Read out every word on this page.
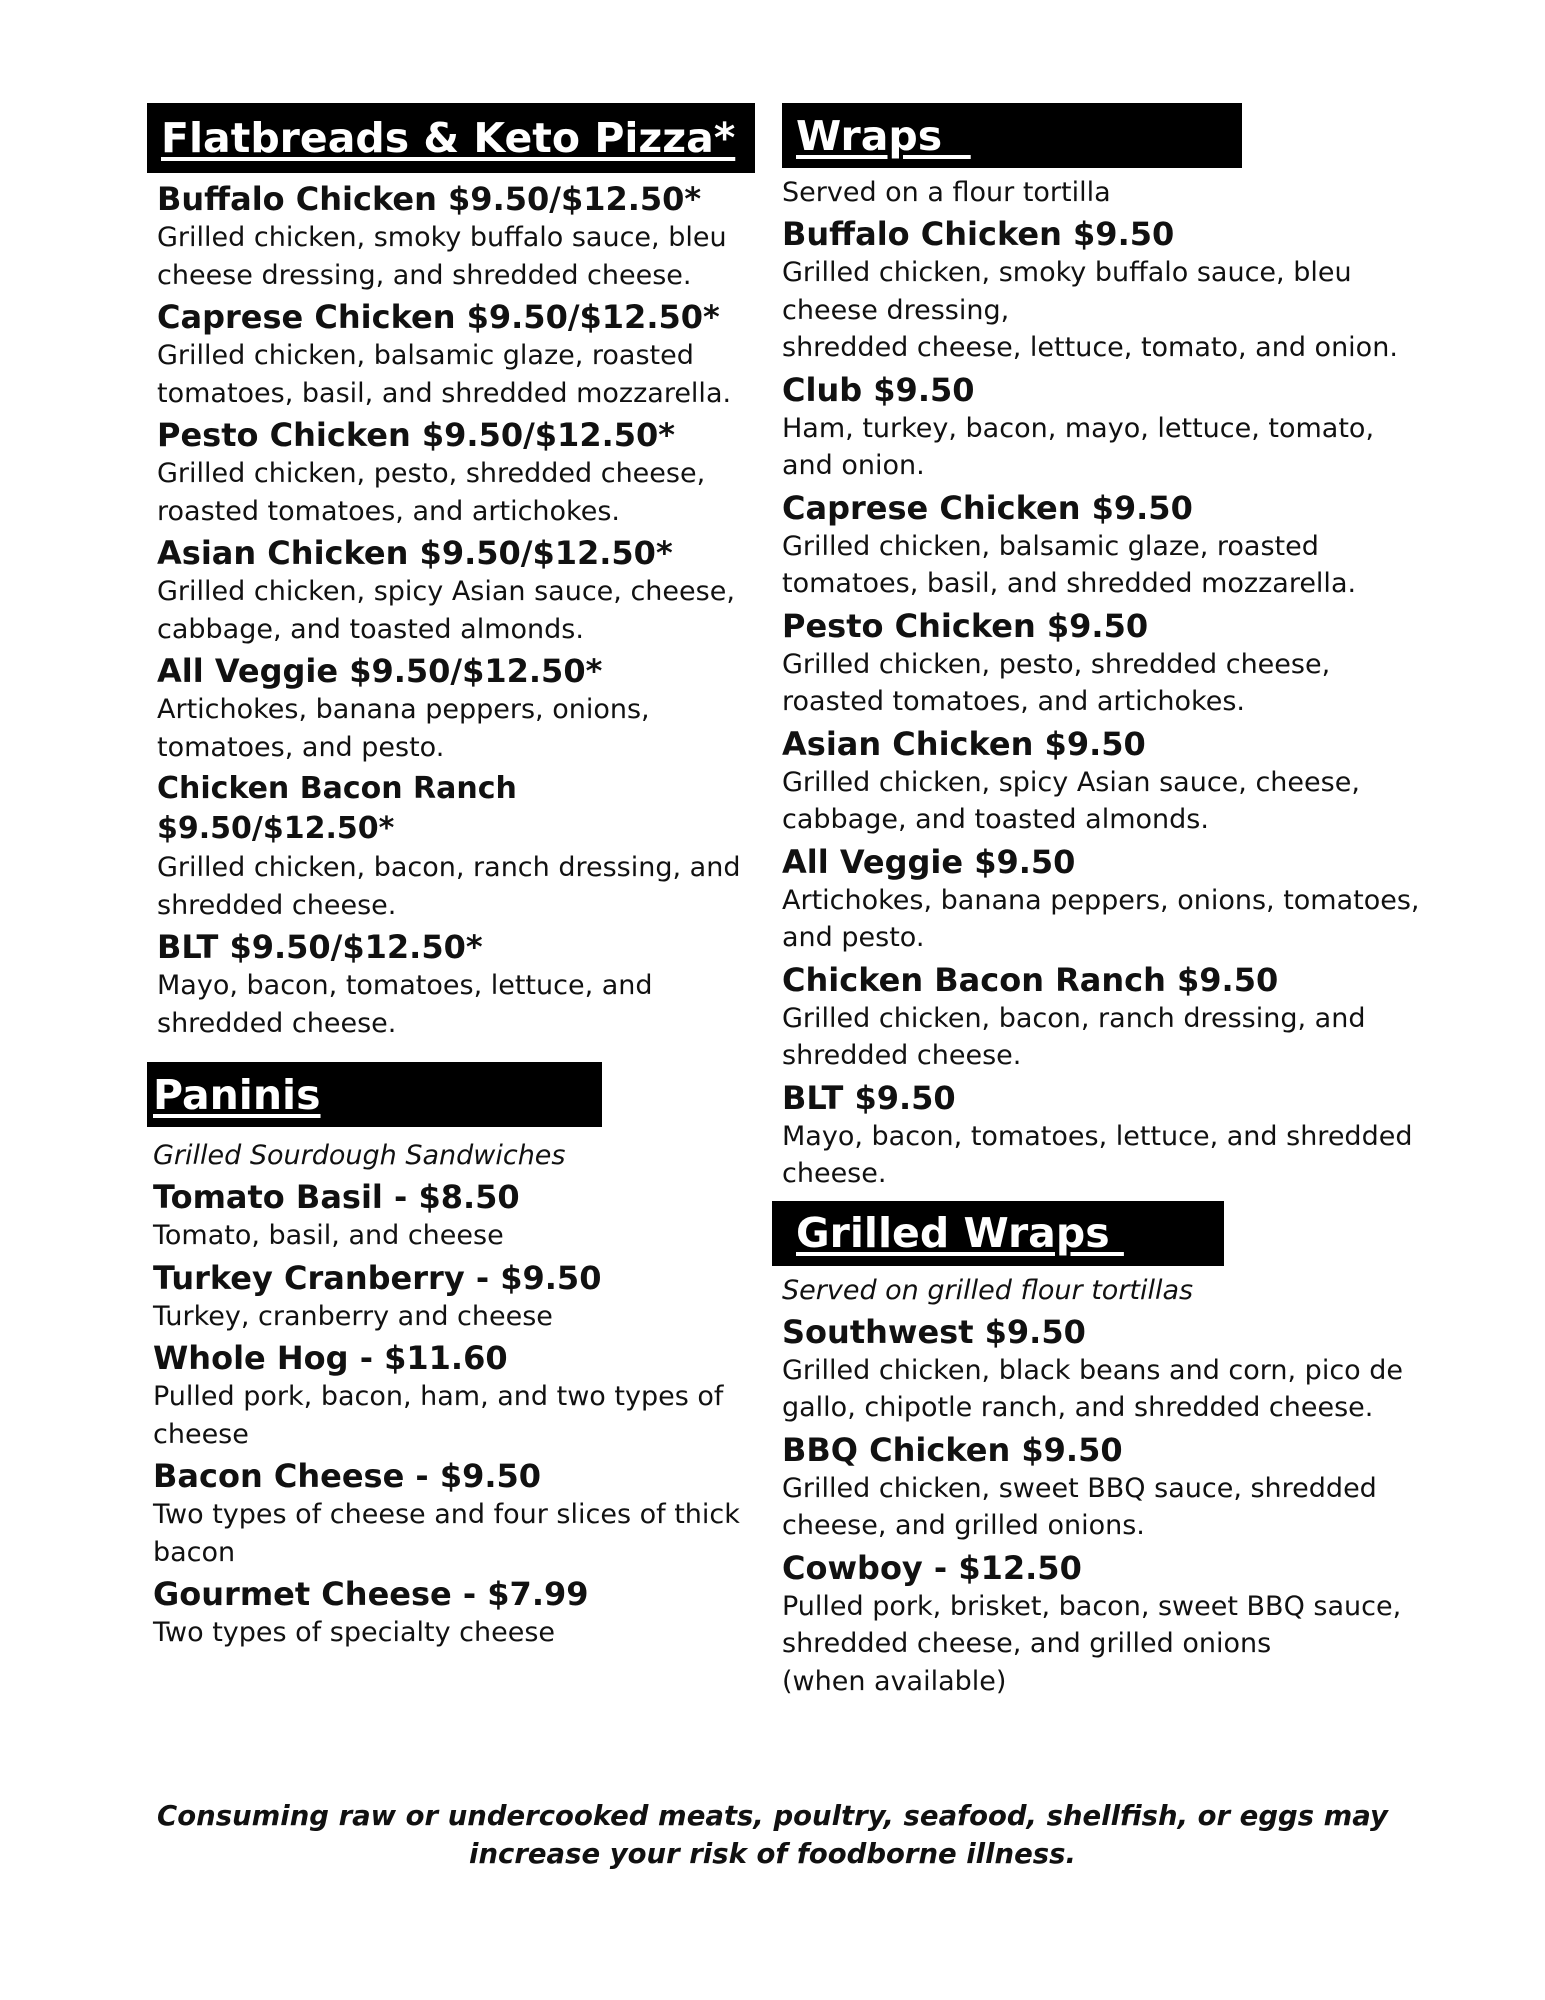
Flatbreads & Keto Pizza*
Buffalo Chicken $9.50/$12.50*
Grilled chicken, smoky buffalo sauce, bleu cheese dressing, and shredded cheese.
Caprese Chicken $9.50/$12.50*
Grilled chicken, balsamic glaze, roasted tomatoes, basil, and shredded mozzarella.
Pesto Chicken $9.50/$12.50*
Grilled chicken, pesto, shredded cheese, roasted tomatoes, and artichokes.
Asian Chicken $9.50/$12.50*
Grilled chicken, spicy Asian sauce, cheese, cabbage, and toasted almonds.
All Veggie $9.50/$12.50*
Artichokes, banana peppers, onions, tomatoes, and pesto.
Chicken Bacon Ranch $9.50/$12.50*
Grilled chicken, bacon, ranch dressing, and shredded cheese.
BLT $9.50/$12.50*
Mayo, bacon, tomatoes, lettuce, and shredded cheese.
Paninis
Grilled Sourdough Sandwiches
Tomato Basil - $8.50
Tomato, basil, and cheese
Turkey Cranberry - $9.50
Turkey, cranberry and cheese
Whole Hog - $11.60
Pulled pork, bacon, ham, and two types of cheese
Bacon Cheese - $9.50
Two types of cheese and four slices of thick bacon
Gourmet Cheese - $7.99
Two types of specialty cheese
Wraps
Served on a flour tortilla
Buffalo Chicken $9.50
Grilled chicken, smoky buffalo sauce, bleu cheese dressing,
shredded cheese, lettuce, tomato, and onion.
Club $9.50
Ham, turkey, bacon, mayo, lettuce, tomato, and onion.
Caprese Chicken $9.50
Grilled chicken, balsamic glaze, roasted tomatoes, basil, and shredded mozzarella.
Pesto Chicken $9.50
Grilled chicken, pesto, shredded cheese, roasted tomatoes, and artichokes.
Asian Chicken $9.50
Grilled chicken, spicy Asian sauce, cheese, cabbage, and toasted almonds.
All Veggie $9.50
Artichokes, banana peppers, onions, tomatoes, and pesto.
Chicken Bacon Ranch $9.50
Grilled chicken, bacon, ranch dressing, and shredded cheese.
BLT $9.50
Mayo, bacon, tomatoes, lettuce, and shredded cheese.
Grilled Wraps
Served on grilled flour tortillas
Southwest $9.50
Grilled chicken, black beans and corn, pico de gallo, chipotle ranch, and shredded cheese.
BBQ Chicken $9.50
Grilled chicken, sweet BBQ sauce, shredded cheese, and grilled onions.
Cowboy - $12.50
Pulled pork, brisket, bacon, sweet BBQ sauce, shredded cheese, and grilled onions
(when available)
Consuming raw or undercooked meats, poultry, seafood, shellfish, or eggs may increase your risk of foodborne illness.
